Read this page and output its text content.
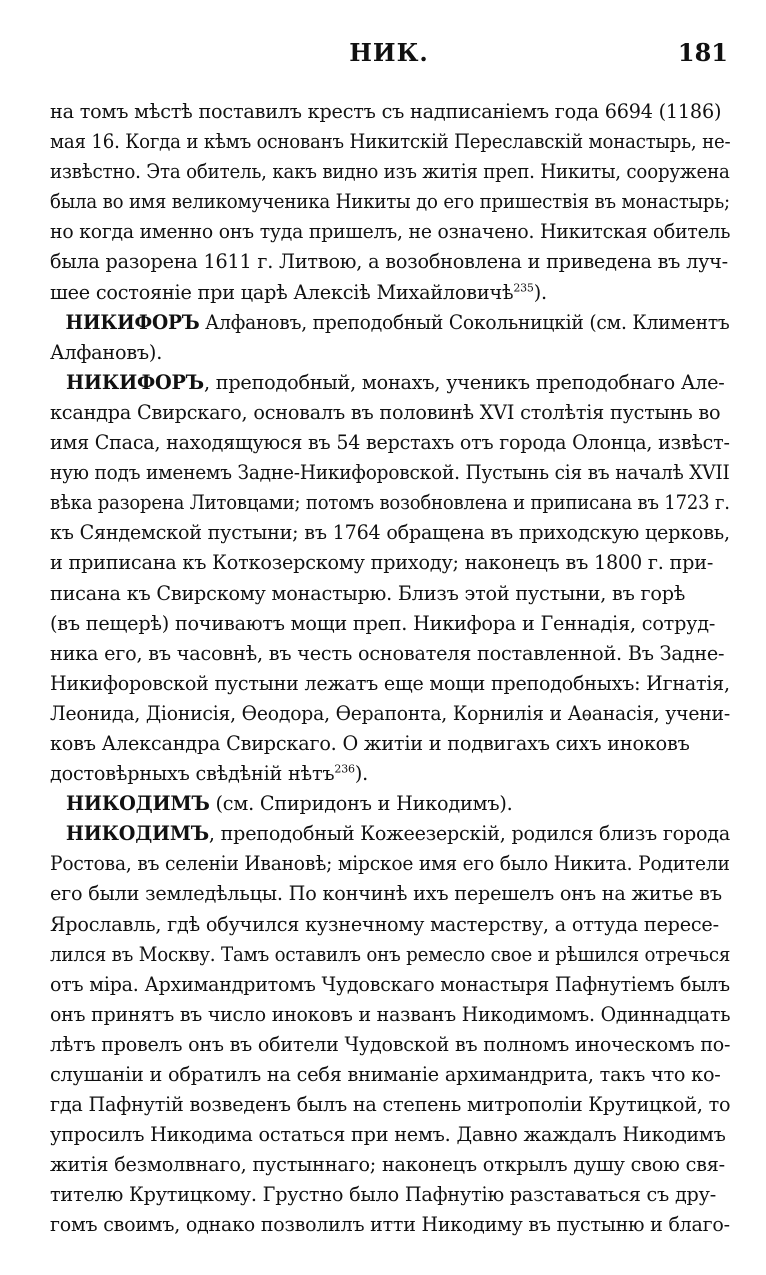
НИК.	181
на томъ мѣстѣ поставилъ крестъ съ надписаніемъ года 6694 (1186)
мая 16. Когда и кѣмъ основанъ Никитскій Переславскій монастырь, не-
извѣстно. Эта обитель, какъ видно изъ житія преп. Никиты, сооружена
была во имя великомученика Никиты до его пришествія въ монастырь;
но когда именно онъ туда пришелъ, не означено. Никитская обитель
была разорена 1611 г. Литвою, а возобновлена и приведена въ луч-
шее состояніе при царѣ Алексіѣ Михайловичѣ$^{235}$).
НИКИФОРЪ Алфановъ, преподобный Сокольницкій (см. Климентъ
Алфановъ).
НИКИФОРЪ, преподобный, монахъ, ученикъ преподобнаго Але-
ксандра Свирскаго, основалъ въ половинѣ XVI столѣтія пустынь во
имя Спаса, находящуюся въ 54 верстахъ отъ города Олонца, извѣст-
ную подъ именемъ Задне-Никифоровской. Пустынь сія въ началѣ XVII
вѣка разорена Литовцами; потомъ возобновлена и приписана въ 1723 г.
къ Сяндемской пустыни; въ 1764 обращена въ приходскую церковь,
и приписана къ Коткозерскому приходу; наконецъ въ 1800 г. при-
писана къ Свирскому монастырю. Близъ этой пустыни, въ горѣ
(въ пещерѣ) почиваютъ мощи преп. Никифора и Геннадія, сотруд-
ника его, въ часовнѣ, въ честь основателя поставленной. Въ Задне-
Никифоровской пустыни лежатъ еще мощи преподобныхъ: Игнатія,
Леонида, Діонисія, Ѳеодора, Ѳерапонта, Корнилія и Аѳанасія, учени-
ковъ Александра Свирскаго. О житіи и подвигахъ сихъ иноковъ
достовѣрныхъ свѣдѣній нѣтъ$^{236}$).
НИКОДИМЪ (см. Спиридонъ и Никодимъ).
НИКОДИМЪ, преподобный Кожеезерскій, родился близъ города
Ростова, въ селеніи Ивановѣ; мірское имя его было Никита. Родители
его были земледѣльцы. По кончинѣ ихъ перешелъ онъ на житье въ
Ярославль, гдѣ обучился кузнечному мастерству, а оттуда пересе-
лился въ Москву. Тамъ оставилъ онъ ремесло свое и рѣшился отречься
отъ міра. Архимандритомъ Чудовскаго монастыря Пафнутіемъ былъ
онъ принятъ въ число иноковъ и названъ Никодимомъ. Одиннадцать
лѣтъ провелъ онъ въ обители Чудовской въ полномъ иноческомъ по-
слушаніи и обратилъ на себя вниманіе архимандрита, такъ что ко-
гда Пафнутій возведенъ былъ на степень митрополіи Крутицкой, то
упросилъ Никодима остаться при немъ. Давно жаждалъ Никодимъ
житія безмолвнаго, пустыннаго; наконецъ открылъ душу свою свя-
тителю Крутицкому. Грустно было Пафнутію разставаться съ дру-
гомъ своимъ, однако позволилъ итти Никодиму въ пустыню и благо-
